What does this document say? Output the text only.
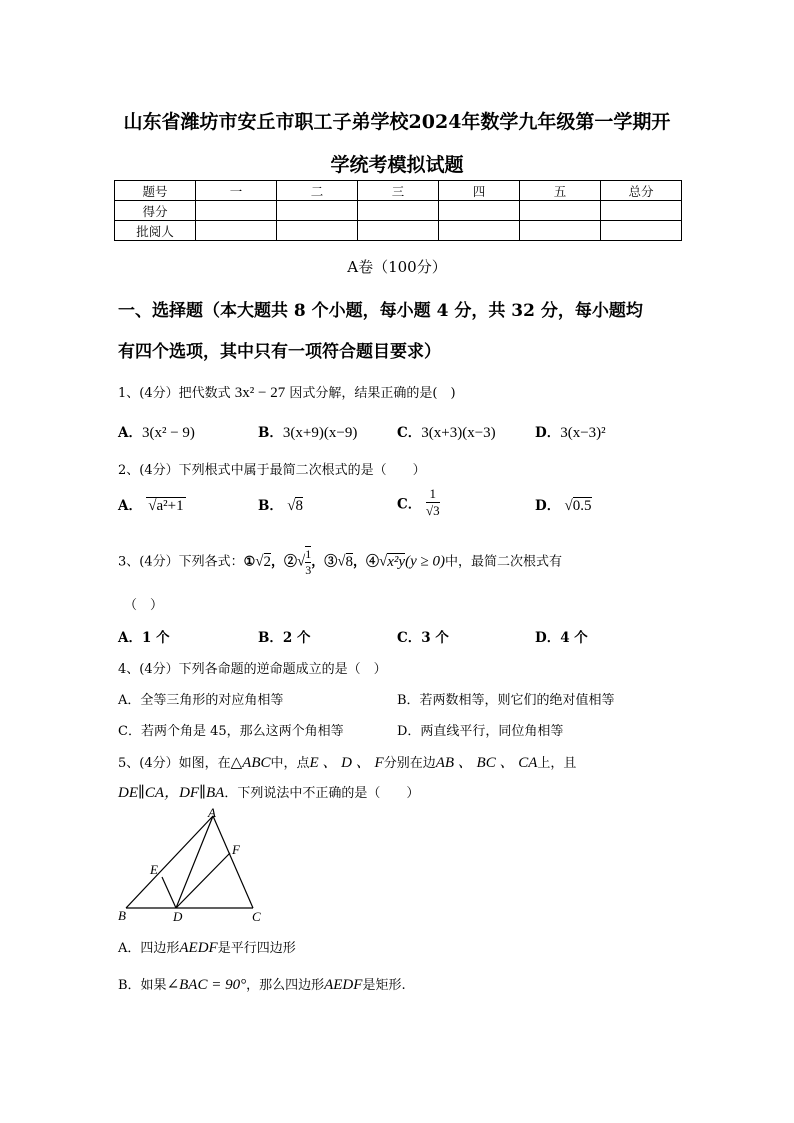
山东省潍坊市安丘市职工子弟学校2024年数学九年级第一学期开
学统考模拟试题
题号	一	二	三	四	五	总分
得分						
批阅人						
A卷（100分）
一、选择题（本大题共 8 个小题，每小题 4 分，共 32 分，每小题均
有四个选项，其中只有一项符合题目要求）
1、(4分）把代数式 3x² − 27 因式分解，结果正确的是(　)
A．3(x² − 9)	B．3(x+9)(x−9)	C．3(x+3)(x−3)	D．3(x−3)²
2、(4分）下列根式中属于最简二次根式的是（　　）
A． √a²+1	B． √8	C． $\frac{1}{√3}$	D． √0.5
3、(4分）下列各式：①√2，②√ $\frac{1}{3}$ ，③√8，④√x²y(y ≥ 0)中，最简二次根式有
（　）
A．1 个	B．2 个	C．3 个	D．4 个
4、(4分）下列各命题的逆命题成立的是（　）
A．全等三角形的对应角相等	B．若两数相等，则它们的绝对值相等
C．若两个角是 45，那么这两个角相等	D．两直线平行，同位角相等
5、(4分）如图，在△ABC中，点E 、 D 、 F分别在边AB 、 BC 、 CA上，且
DE∥CA，DF∥BA．下列说法中不正确的是（　　）
A
B	C
D
E
F
A．四边形AEDF是平行四边形
B．如果∠BAC = 90°，那么四边形AEDF是矩形.
